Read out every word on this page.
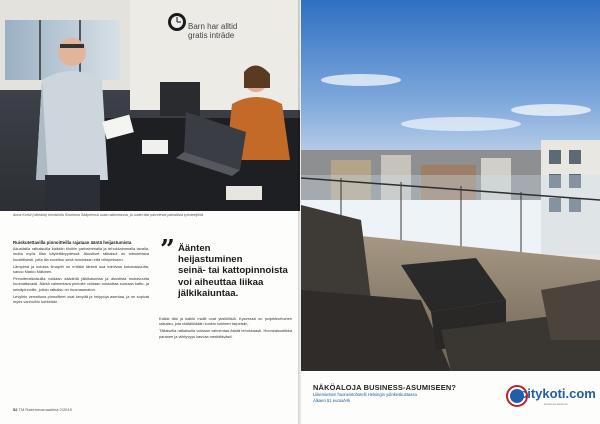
Barn har alltid
gratis inträde
Anna Korkii (oikealla) toimistolla Ravintola Sääpelinsä aulan alakertassa, ja uudet tilat palvelevat paikallisia työntekijöitä.
Ruiskutettavilla pinnoitteilla rajataan ääntä heijastumista

Akustisilla ratkaisuilla kaikkiin tiloihin parhaimmalla ja tehokkaimmalla tavalla, mutta myös tilan käytettävyydessä. Akustiset ratkaisut on toteutettava huolellisesti, jotta tila soveltuu sekä toimintaan että viihtymiseen.

Lämpimä ja kotoisa ilmapiiri on erittäin tärkeä osa toimivaa kokonaisuutta, sanoo Marko Mäkinen.

Pinnoiteratkaisuilla voidaan säädellä jälkikaiuntaa ja akustista mukavuutta huomattavasti. Ääntä vaimentava pinnoite voidaan ruiskuttaa suoraan katto- ja seinäpinnoille, jolloin ratkaisu on huomaamaton.

Levyihin verrattuna pinnoitteet ovat kevyitä ja helppoja asentaa, ja ne sopivat myös vanhoihin kohteisiin.

” Äänten
heijastuminen
seinä- tai kattopinnoista
voi aiheuttaa liikaa
jälkikaiuntaa.

Kaikki tilat ja kaikki mallit ovat yksilöllisiä. Kyseessä on projektivetoinen ratkaisu, jota räätälöidään kunkin kohteen tarpeisiin.

Tällaisella ratkaisulla voidaan vaimentaa ääntä tehokkaasti. Huoneakustiikka paranee ja viihtyvyys kasvaa merkittävästi.

52 TM Rakennusmaailma 2/2019
NÄKÖALOJA BUSINESS-ASUMISEEN?
Liikemiesten huoneistohotelli Helsingin ydinkeskustassa
Alkaen 51 euroa/vrk	citykoti.com
business-asunnot
